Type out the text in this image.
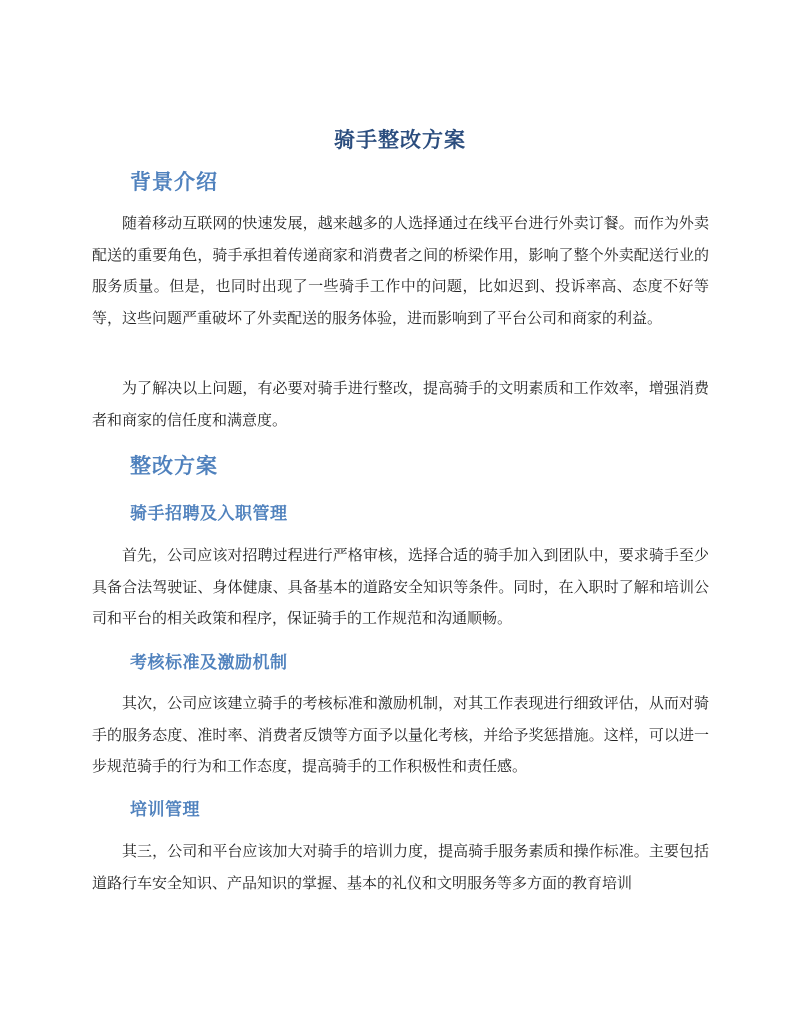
骑手整改方案
背景介绍

随着移动互联网的快速发展，越来越多的人选择通过在线平台进行外卖订餐。而作为外卖配送的重要角色，骑手承担着传递商家和消费者之间的桥梁作用，影响了整个外卖配送行业的服务质量。但是，也同时出现了一些骑手工作中的问题，比如迟到、投诉率高、态度不好等等，这些问题严重破坏了外卖配送的服务体验，进而影响到了平台公司和商家的利益。

为了解决以上问题，有必要对骑手进行整改，提高骑手的文明素质和工作效率，增强消费者和商家的信任度和满意度。

整改方案
骑手招聘及入职管理

首先，公司应该对招聘过程进行严格审核，选择合适的骑手加入到团队中，要求骑手至少具备合法驾驶证、身体健康、具备基本的道路安全知识等条件。同时，在入职时了解和培训公司和平台的相关政策和程序，保证骑手的工作规范和沟通顺畅。

考核标准及激励机制

其次，公司应该建立骑手的考核标准和激励机制，对其工作表现进行细致评估，从而对骑手的服务态度、准时率、消费者反馈等方面予以量化考核，并给予奖惩措施。这样，可以进一步规范骑手的行为和工作态度，提高骑手的工作积极性和责任感。

培训管理

其三，公司和平台应该加大对骑手的培训力度，提高骑手服务素质和操作标准。主要包括道路行车安全知识、产品知识的掌握、基本的礼仪和文明服务等多方面的教育培训
